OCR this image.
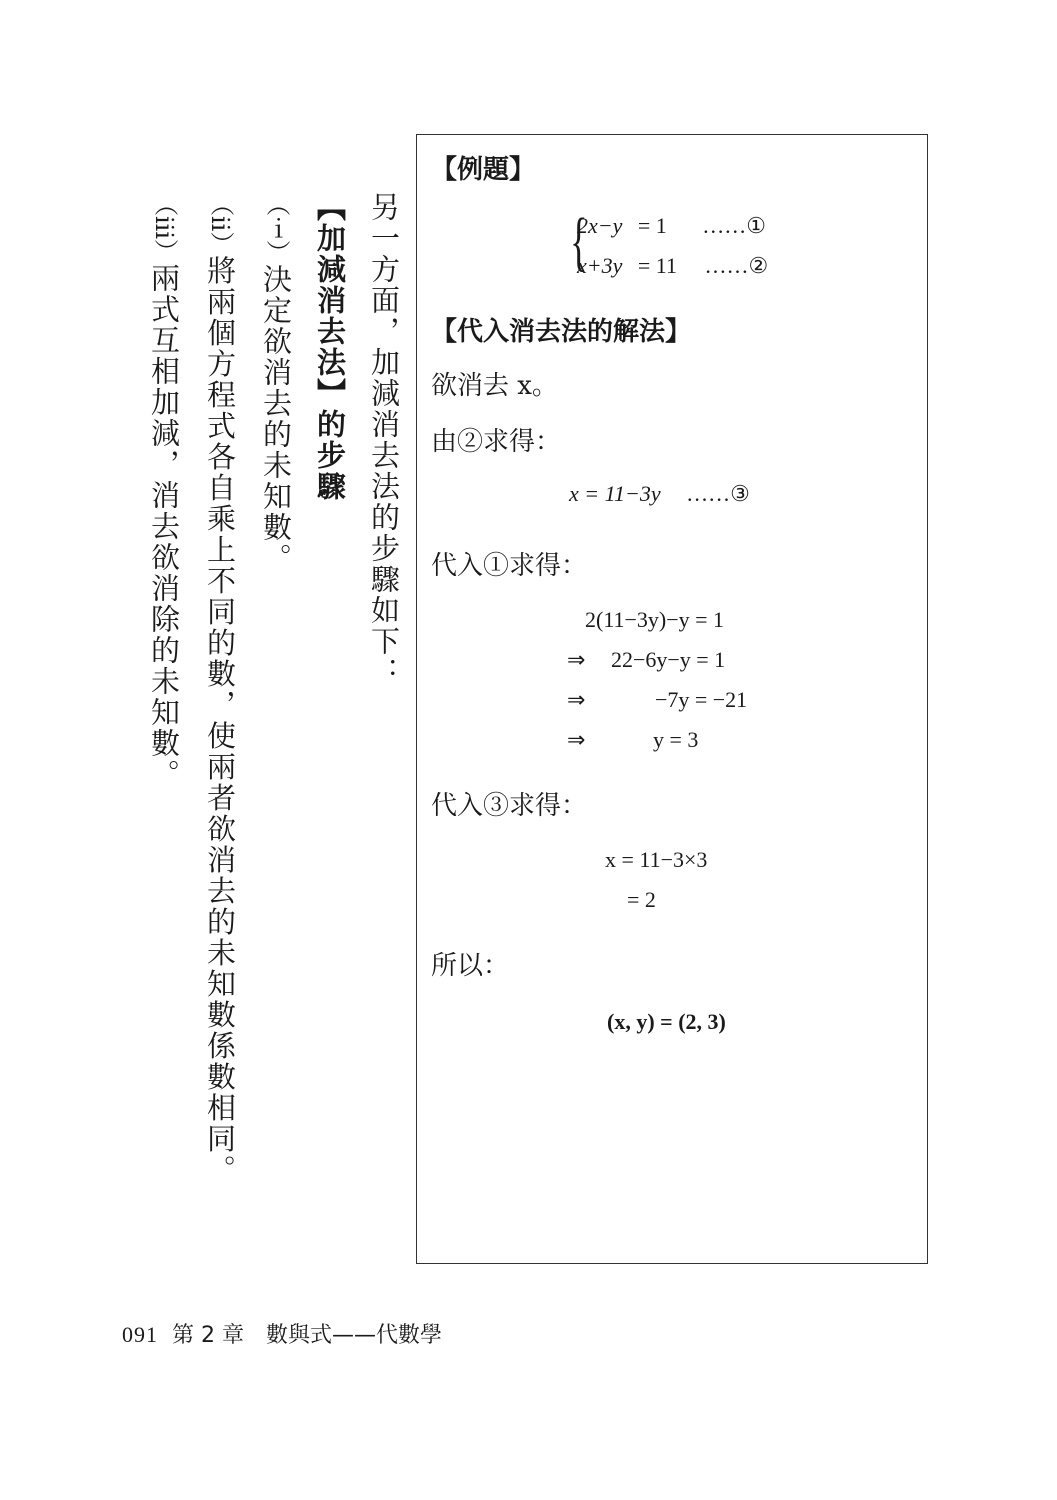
另一方面，加減消去法的步驟如下：
【加減消去法】的步驟
（ｉ）決定欲消去的未知數。
（ii）將兩個方程式各自乘上不同的數，使兩者欲消去的未知數係數相同。
（iii）兩式互相加減，消去欲消除的未知數。
【例題】
{
2x−y = 1 ……①
x+3y = 11 ……②
【代入消去法的解法】
欲消去 x。
由②求得：
x = 11−3y ……③
代入①求得：
2(11−3y)−y = 1
⇒ 22−6y−y = 1
⇒	−7y = −21
⇒	y = 3
代入③求得：
x = 11−3×3
= 2
所以：
(x, y) = (2, 3)
091 第 2 章　數與式——代數學
